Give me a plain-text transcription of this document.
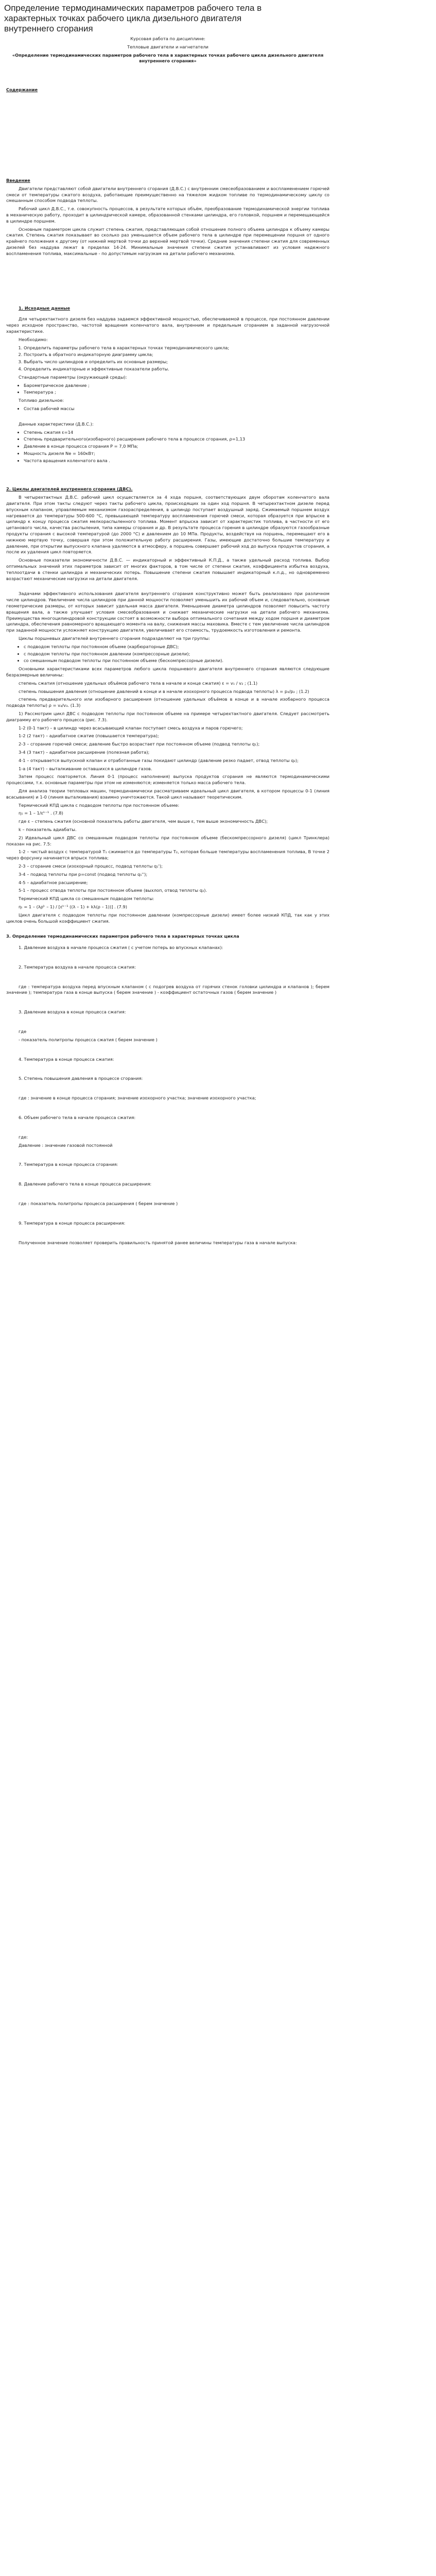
Определение термодинамических параметров рабочего тела в характерных точках рабочего цикла дизельного двигателя внутреннего сгорания

Курсовая работа по дисциплине:

Тепловые двигатели и нагнетатели

«Определение термодинамических параметров рабочего тела в характерных точках рабочего цикла дизельного двигателя внутреннего сгорания»

Содержание

Введение

Двигатели представляют собой двигатели внутреннего сгорания (Д.В.С.) с внутренним смесеобразованием и воспламенением горючей смеси от температуры сжатого воздуха, работающие преимущественно на тяжелом жидком топливе по термодинамическому циклу со смешанным способом подвода теплоты.

Рабочий цикл Д.В.С., т.е. совокупность процессов, в результате которых объём, преобразование термодинамической энергии топлива в механическую работу, проходит в цилиндрической камере, образованной стенками цилиндра, его головкой, поршнем и перемещающейся в цилиндре поршнем.

Основным параметром цикла служит степень сжатия, представляющая собой отношение полного объема цилиндра к объему камеры сжатия. Степень сжатия показывает во сколько раз уменьшается объем рабочего тела в цилиндре при перемещении поршня от одного крайнего положения к другому (от нижней мертвой точки до верхней мертвой точки). Средние значения степени сжатия для современных дизелей без наддува лежат в пределах 14-24. Минимальные значения степени сжатия устанавливают из условия надежного воспламенения топлива, максимальные - по допустимым нагрузкам на детали рабочего механизма.

1. Исходные данные

Для четырехтактного дизеля без наддува задаемся эффективной мощностью, обеспечиваемой в процессе, при постоянном давлении через исходное пространство, частотой вращения коленчатого вала, внутренним и предельным сгоранием в заданной нагрузочной характеристике.

Необходимо:

1. Определить параметры рабочего тела в характерных точках термодинамического цикла;
2. Построить в обратного индикаторную диаграмму цикла;
3. Выбрать число цилиндров и определить их основные размеры;
4. Определить индикаторные и эффективные показатели работы.

Стандартные параметры (окружающей среды):

• Барометрическое давление ;
• Температура ;

Топливо дизельное:

• Состав рабочей массы

Данные характеристики (Д.В.С.):

• Степень сжатия ε=14
• Степень предварительного(изобарного) расширения рабочего тела в процессе сгорания, ρ=1,13
• Давление в конце процесса сгорания Р = 7,0 МПа;
• Мощность дизеля Ne = 160кВт;
• Частота вращения коленчатого вала .

2. Циклы двигателей внутреннего сгорания (ДВС).

В четырехтактных Д.В.С. рабочий цикл осуществляется за 4 хода поршня, соответствующих двум оборотам коленчатого вала двигателя. При этом такты следуют через такты рабочего цикла, происходящих за один ход поршня. В четырехтактном дизеле перед впускным клапаном, управляемым механизмом газораспределения, в цилиндр поступает воздушный заряд. Сжимаемый поршнем воздух нагревается до температуры 500-600 °С, превышающей температуру воспламенения горючей смеси, которая образуется при впрыске в цилиндр к концу процесса сжатия мелкораспыленного топлива. Момент впрыска зависит от характеристик топлива, в частности от его цетанового числа, качества распыления, типа камеры сгорания и др. В результате процесса горения в цилиндре образуются газообразные продукты сгорания с высокой температурой (до 2000 °С) и давлением до 10 МПа. Продукты, воздействуя на поршень, перемещают его в нижнюю мертвую точку, совершая при этом положительную работу расширения. Газы, имеющие достаточно большие температуру и давление, при открытии выпускного клапана удаляются в атмосферу, а поршень совершает рабочий ход до выпуска продуктов сгорания, а после их удаления цикл повторяется.

Основные показатели экономичности Д.В.С. — индикаторный и эффективный К.П.Д., а также удельный расход топлива. Выбор оптимальных значений этих параметров зависит от многих факторов, в том числе от степени сжатия, коэффициента избытка воздуха, теплоотдачи в стенки цилиндра и механических потерь. Повышение степени сжатия повышает индикаторный к.п.д., но одновременно возрастают механические нагрузки на детали двигателя.

Задачами эффективного использования двигателя внутреннего сгорания конструктивно может быть реализовано при различном числе цилиндров. Увеличение числа цилиндров при данной мощности позволяет уменьшить их рабочий объем и, следовательно, основные геометрические размеры, от которых зависит удельная масса двигателя. Уменьшение диаметра цилиндров позволяет повысить частоту вращения вала, а также улучшает условия смесеобразования и снижает механические нагрузки на детали рабочего механизма. Преимущества многоцилиндровой конструкции состоят в возможности выбора оптимального сочетания между ходом поршня и диаметром цилиндра, обеспечения равномерного вращающего момента на валу, снижения массы маховика. Вместе с тем увеличение числа цилиндров при заданной мощности усложняет конструкцию двигателя, увеличивает его стоимость, трудоемкость изготовления и ремонта.

Циклы поршневых двигателей внутреннего сгорания подразделяют на три группы:

• с подводом теплоты при постоянном объеме (карбюраторные ДВС);
• с подводом теплоты при постоянном давлении (компрессорные дизели);
• со смешанным подводом теплоты при постоянном объеме (бескомпрессорные дизели).

Основными характеристиками всех параметров любого цикла поршневого двигателя внутреннего сгорания являются следующие безразмерные величины:

степень сжатия (отношение удельных объёмов рабочего тела в начале и конце сжатия) ε = v₁ / v₂ ; (1.1)

степень повышения давления (отношение давлений в конце и в начале изохорного процесса подвода теплоты) λ = p₃/p₂ ; (1.2)

степень предварительного или изобарного расширения (отношение удельных объёмов в конце и в начале изобарного процесса подвода теплоты) ρ = v₄/v₃. (1.3)

1) Рассмотрим цикл ДВС с подводом теплоты при постоянном объеме на примере четырехтактного двигателя. Следует рассмотреть диаграмму его рабочего процесса (рис. 7.3).

1-2 (0-1 такт) – в цилиндр через всасывающий клапан поступает смесь воздуха и паров горючего;

1-2 (2 такт) – адиабатное сжатие (повышается температура);

2-3 – сгорание горючей смеси; давление быстро возрастает при постоянном объеме (подвод теплоты q₁);

3-4 (3 такт) – адиабатное расширение (полезная работа);

4-1 – открывается выпускной клапан и отработанные газы покидают цилиндр (давление резко падает, отвод теплоты q₂);

1-а (4 такт) – выталкивание оставшихся в цилиндре газов.

Затем процесс повторяется. Линия 0-1 (процесс наполнения) выпуска продуктов сгорания не являются термодинамическими процессами, т.к. основные параметры при этом не изменяются; изменяется только масса рабочего тела.

Для анализа теории тепловых машин, термодинамически рассматриваем идеальный цикл двигателя, в котором процессы 0-1 (линия всасывания) и 1-0 (линия выталкивания) взаимно уничтожаются. Такой цикл называют теоретическим.

Термический КПД цикла с подводом теплоты при постоянном объеме:

η₁ = 1 – 1/εᵏ⁻¹ . (7.8)

где ε – степень сжатия (основной показатель работы двигателя, чем выше ε, тем выше экономичность ДВС);

k – показатель адиабаты.

2) Идеальный цикл ДВС со смешанным подводом теплоты при постоянном объеме (бескомпрессорного дизеля) (цикл Тринклера) показан на рис. 7.5:

1-2 – чистый воздух с температурой T₁ сжимается до температуры T₂, которая больше температуры воспламенения топлива, В точке 2 через форсунку начинается впрыск топлива;

2-3 – сгорание смеси (изохорный процесс, подвод теплоты q₁');

3-4 – подвод теплоты при p=const (подвод теплоты q₁'');

4-5 – адиабатное расширение;

5-1 – процесс отвода теплоты при постоянном объеме (выхлоп, отвод теплоты q₂).

Термический КПД цикла со смешанным подводом теплоты:

ηₜ = 1 – (λρᵏ – 1) / [εᵏ⁻¹ ((λ – 1) + kλ(ρ – 1))] . (7.9)

Цикл двигателя с подводом теплоты при постоянном давлении (компрессорные дизели) имеет более низкий КПД, так как у этих циклов очень большой коэффициент сжатия.

3. Определение термодинамических параметров рабочего тела в характерных точках цикла

1. Давление воздуха в начале процесса сжатия ( с учетом потерь во впускных клапанах):

2. Температура воздуха в начале процесса сжатия:

где : температура воздуха перед впускным клапаном ( с подогрев воздуха от горячих стенок головки цилиндра и клапанов ); берем значение ); температура газа в конце выпуска ( берем значение ) - коэффициент остаточных газов ( берем значение )

3. Давление воздуха в конце процесса сжатия:

где

- показатель политропы процесса сжатия ( берем значение )

4. Температура в конце процесса сжатия:

5. Степень повышения давления в процессе сгорания:

где : значение в конце процесса сгорания; значение изохорного участка; значение изохорного участка;

6. Объем рабочего тела в начале процесса сжатия:

где:

Давление : значение газовой постоянной

7. Температура в конце процесса сгорания:

8. Давление рабочего тела в конце процесса расширения:

где : показатель политропы процесса расширения ( берем значение )

9. Температура в конце процесса расширения:

Полученное значение позволяет проверить правильность принятой ранее величины температуры газа в начале выпуска:
